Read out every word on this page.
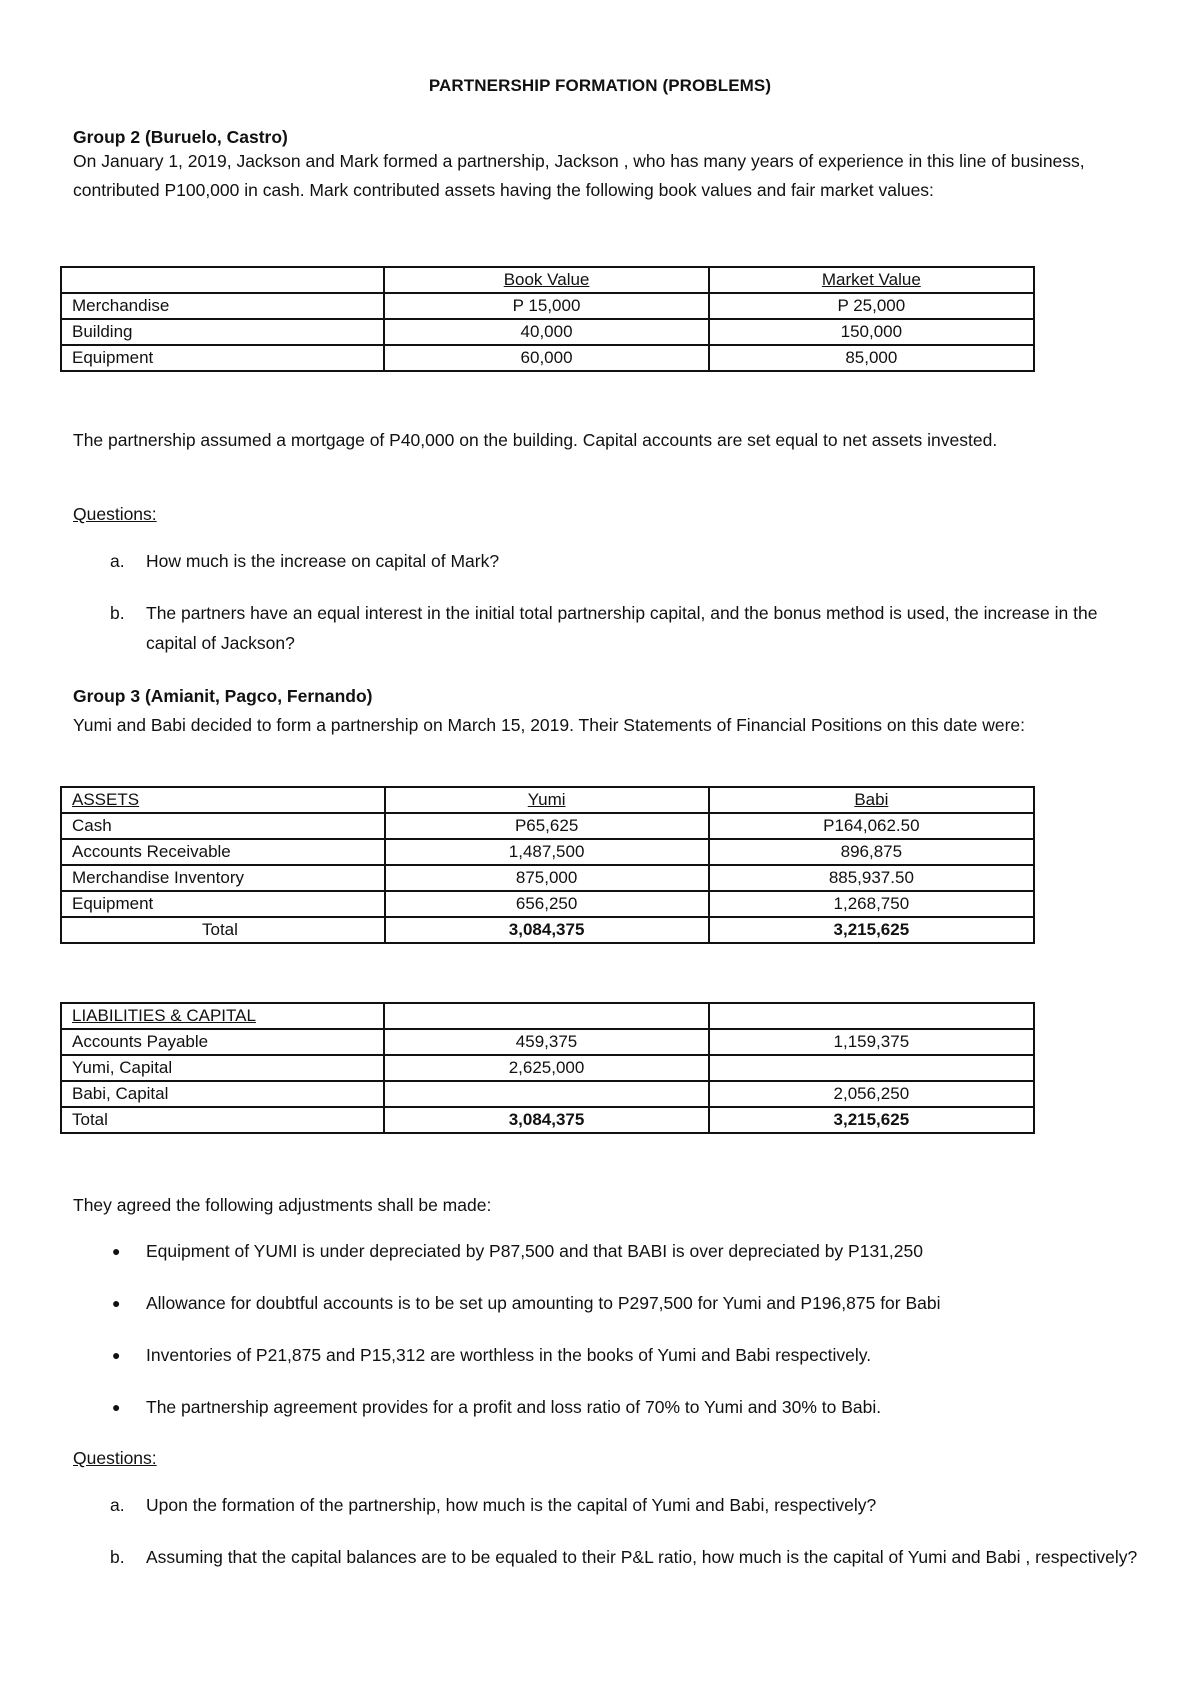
PARTNERSHIP FORMATION (PROBLEMS)
Group 2 (Buruelo, Castro)
On January 1, 2019, Jackson and Mark formed a partnership, Jackson , who has many years of experience in this line of business, contributed P100,000 in cash. Mark contributed assets having the following book values and fair market values:
	Book Value	Market Value
Merchandise	P 15,000	P 25,000
Building	40,000	150,000
Equipment	60,000	85,000
The partnership assumed a mortgage of P40,000 on the building. Capital accounts are set equal to net assets invested.
Questions:
a. How much is the increase on capital of Mark?
b. The partners have an equal interest in the initial total partnership capital, and the bonus method is used, the increase in the capital of Jackson?
Group 3 (Amianit, Pagco, Fernando)
Yumi and Babi decided to form a partnership on March 15, 2019. Their Statements of Financial Positions on this date were:
ASSETS	Yumi	Babi
Cash	P65,625	P164,062.50
Accounts Receivable	1,487,500	896,875
Merchandise Inventory	875,000	885,937.50
Equipment	656,250	1,268,750
Total	3,084,375	3,215,625
LIABILITIES & CAPITAL		
Accounts Payable	459,375	1,159,375
Yumi, Capital	2,625,000	
Babi, Capital		2,056,250
Total	3,084,375	3,215,625
They agreed the following adjustments shall be made:
● Equipment of YUMI is under depreciated by P87,500 and that BABI is over depreciated by P131,250
● Allowance for doubtful accounts is to be set up amounting to P297,500 for Yumi and P196,875 for Babi
● Inventories of P21,875 and P15,312 are worthless in the books of Yumi and Babi respectively.
● The partnership agreement provides for a profit and loss ratio of 70% to Yumi and 30% to Babi.
Questions:
a. Upon the formation of the partnership, how much is the capital of Yumi and Babi, respectively?
b. Assuming that the capital balances are to be equaled to their P&L ratio, how much is the capital of Yumi and Babi , respectively?
